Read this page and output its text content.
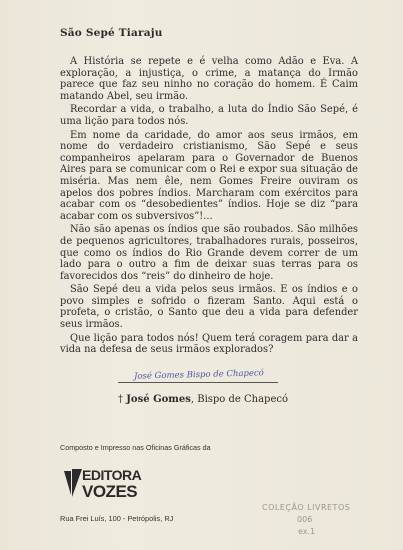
São Sepé Tiaraju

A História se repete e é velha como Adão e Eva. A exploração, a injustiça, o crime, a matança do Irmão parece que faz seu ninho no coração do homem. É Caim matando Abel, seu irmão.

Recordar a vida, o trabalho, a luta do Índio São Sepé, é uma lição para todos nós.

Em nome da caridade, do amor aos seus irmãos, em nome do verdadeiro cristianismo, São Sepé e seus companheiros apelaram para o Governador de Buenos Aires para se comunicar com o Rei e expor sua situação de miséria. Mas nem êle, nem Gomes Freire ouviram os apelos dos pobres índios. Marcharam com exércitos para acabar com os “desobedientes” índios. Hoje se diz “para acabar com os subversivos”!...

Não são apenas os índios que são roubados. São milhões de pequenos agricultores, trabalhadores rurais, posseiros, que como os índios do Rio Grande devem correr de um lado para o outro a fim de deixar suas terras para os favorecidos dos “reis” do dinheiro de hoje.

São Sepé deu a vida pelos seus irmãos. E os índios e o povo simples e sofrido o fizeram Santo. Aqui está o profeta, o cristão, o Santo que deu a vida para defender seus irmãos.

Que lição para todos nós! Quem terá coragem para dar a vida na defesa de seus irmãos explorados?

José Gomes Bispo de Chapecó
† José Gomes, Bispo de Chapecó
Composto e Impresso nas Oficinas Gráficas da
EDITORA
VOZES
Rua Frei Luís, 100 - Petrópolis, RJ
COLEÇÃO LIVRETOS
006
ex.1
